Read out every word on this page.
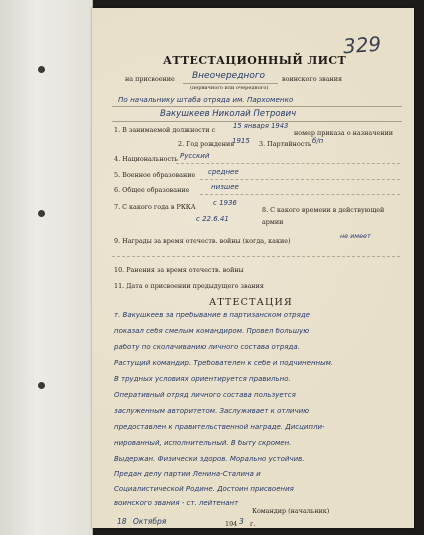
329
АТТЕСТАЦИОННЫЙ ЛИСТ
на присвоение Внеочередного	воинского звания
(первичного или очередного)
По начальнику штаба отряда им. Пархоменко
Вакушкеев Николай Петрович
1. В занимаемой должности с	15 января 1943
номер приказа о назначении
2. Год рождения
1915 3. Партийность б/п
4. Национальность Русский
5. Военное образование среднее
6. Общее образование	низшее
7. С какого года в РККА с 1936
8. С какого времени в действующей армии
с 22.6.41
9. Награды за время отечеств. войны (когда, какие)
не имеет
10. Ранения за время отечеств. войны
11. Дата о присвоении предыдущего звания
АТТЕСТАЦИЯ
т. Вакушкеев за пребывание в партизанском отряде
показал себя смелым командиром. Провел большую
работу по сколачиванию личного состава отряда.
Растущий командир. Требователен к себе и подчиненным.
В трудных условиях ориентируется правильно.
Оперативный отряд личного состава пользуется
заслуженным авторитетом. Заслуживает к отличию
предоставлен к правительственной награде. Дисципли-
нированный, исполнительный. В быту скромен.
Выдержан. Физически здоров. Морально устойчив.
Предан делу партии Ленина-Сталина и
Социалистической Родине. Достоин присвоения
воинского звания - ст. лейтенант
Командир (начальник)
18 Октября	194 3 г.
